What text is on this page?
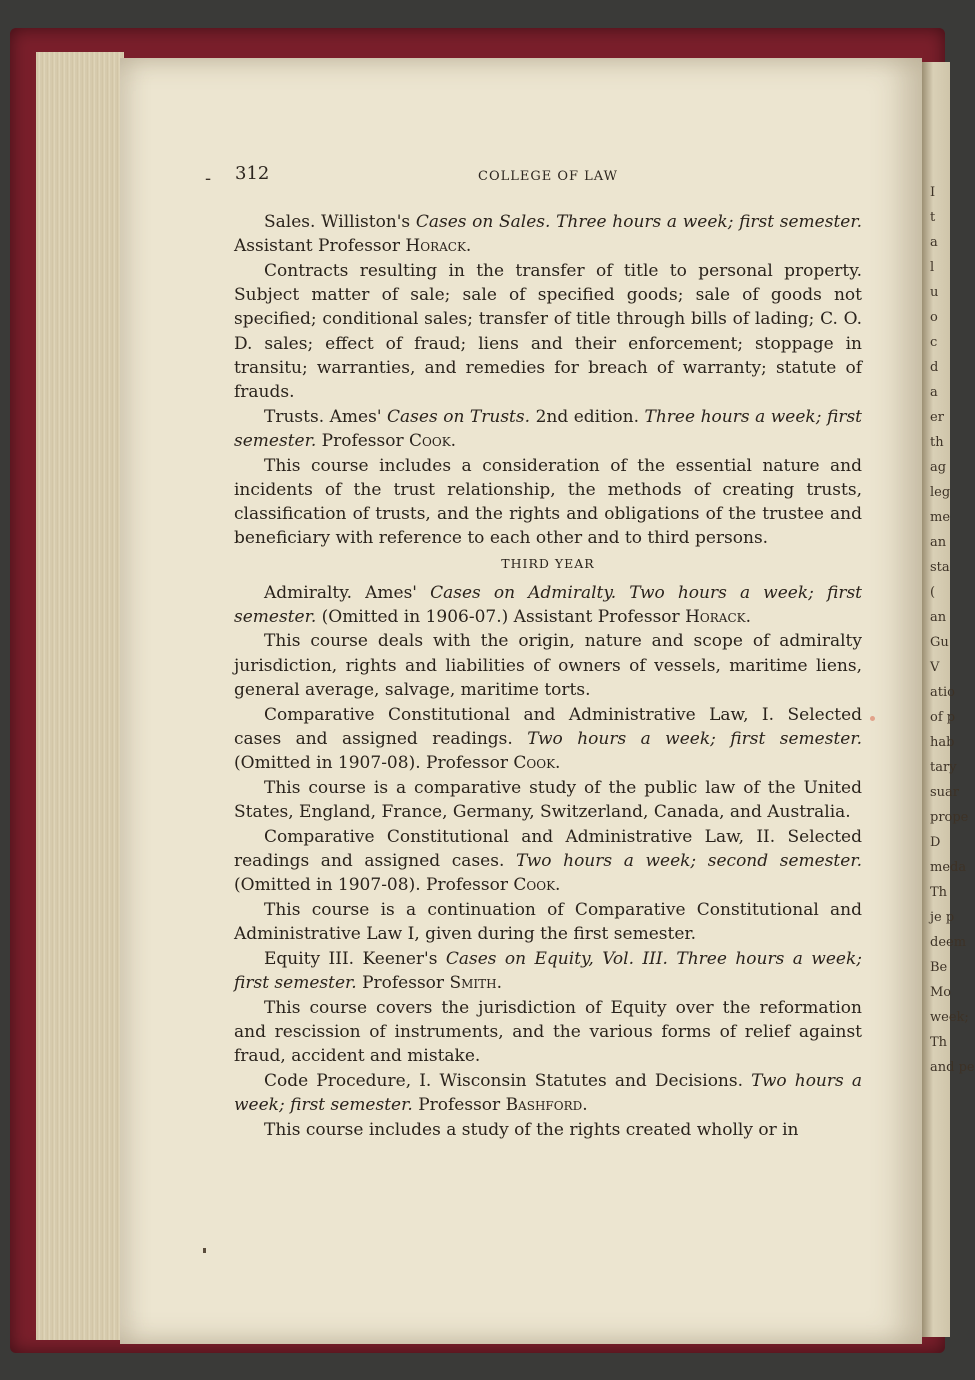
I
t
a
l
u
o
c
d
a
er
th
ag
leg
me
an
sta
(
an
Gu
V
atio
of p
hab
tary
suar
prope
D
meda
Th
je p
deem
Be
Mo
week;
Th
and pe
- 312	COLLEGE OF LAW

Sales. Williston's Cases on Sales. Three hours a week; first semester. Assistant Professor Horack.

Contracts resulting in the transfer of title to personal property. Subject matter of sale; sale of specified goods; sale of goods not specified; conditional sales; transfer of title through bills of lading; C. O. D. sales; effect of fraud; liens and their enforcement; stoppage in transitu; warranties, and remedies for breach of warranty; statute of frauds.

Trusts. Ames' Cases on Trusts. 2nd edition. Three hours a week; first semester. Professor Cook.

This course includes a consideration of the essential nature and incidents of the trust relationship, the methods of creating trusts, classification of trusts, and the rights and obligations of the trustee and beneficiary with reference to each other and to third persons.

THIRD YEAR

Admiralty. Ames' Cases on Admiralty. Two hours a week; first semester. (Omitted in 1906-07.) Assistant Professor Horack.

This course deals with the origin, nature and scope of admiralty jurisdiction, rights and liabilities of owners of vessels, maritime liens, general average, salvage, maritime torts.

Comparative Constitutional and Administrative Law, I. Selected cases and assigned readings. Two hours a week; first semester. (Omitted in 1907-08). Professor Cook.

This course is a comparative study of the public law of the United States, England, France, Germany, Switzerland, Canada, and Australia.

Comparative Constitutional and Administrative Law, II. Selected readings and assigned cases. Two hours a week; second semester. (Omitted in 1907-08). Professor Cook.

This course is a continuation of Comparative Constitutional and Administrative Law I, given during the first semester.

Equity III. Keener's Cases on Equity, Vol. III. Three hours a week; first semester. Professor Smith.

This course covers the jurisdiction of Equity over the reformation and rescission of instruments, and the various forms of relief against fraud, accident and mistake.

Code Procedure, I. Wisconsin Statutes and Decisions. Two hours a week; first semester. Professor Bashford.

This course includes a study of the rights created wholly or in
